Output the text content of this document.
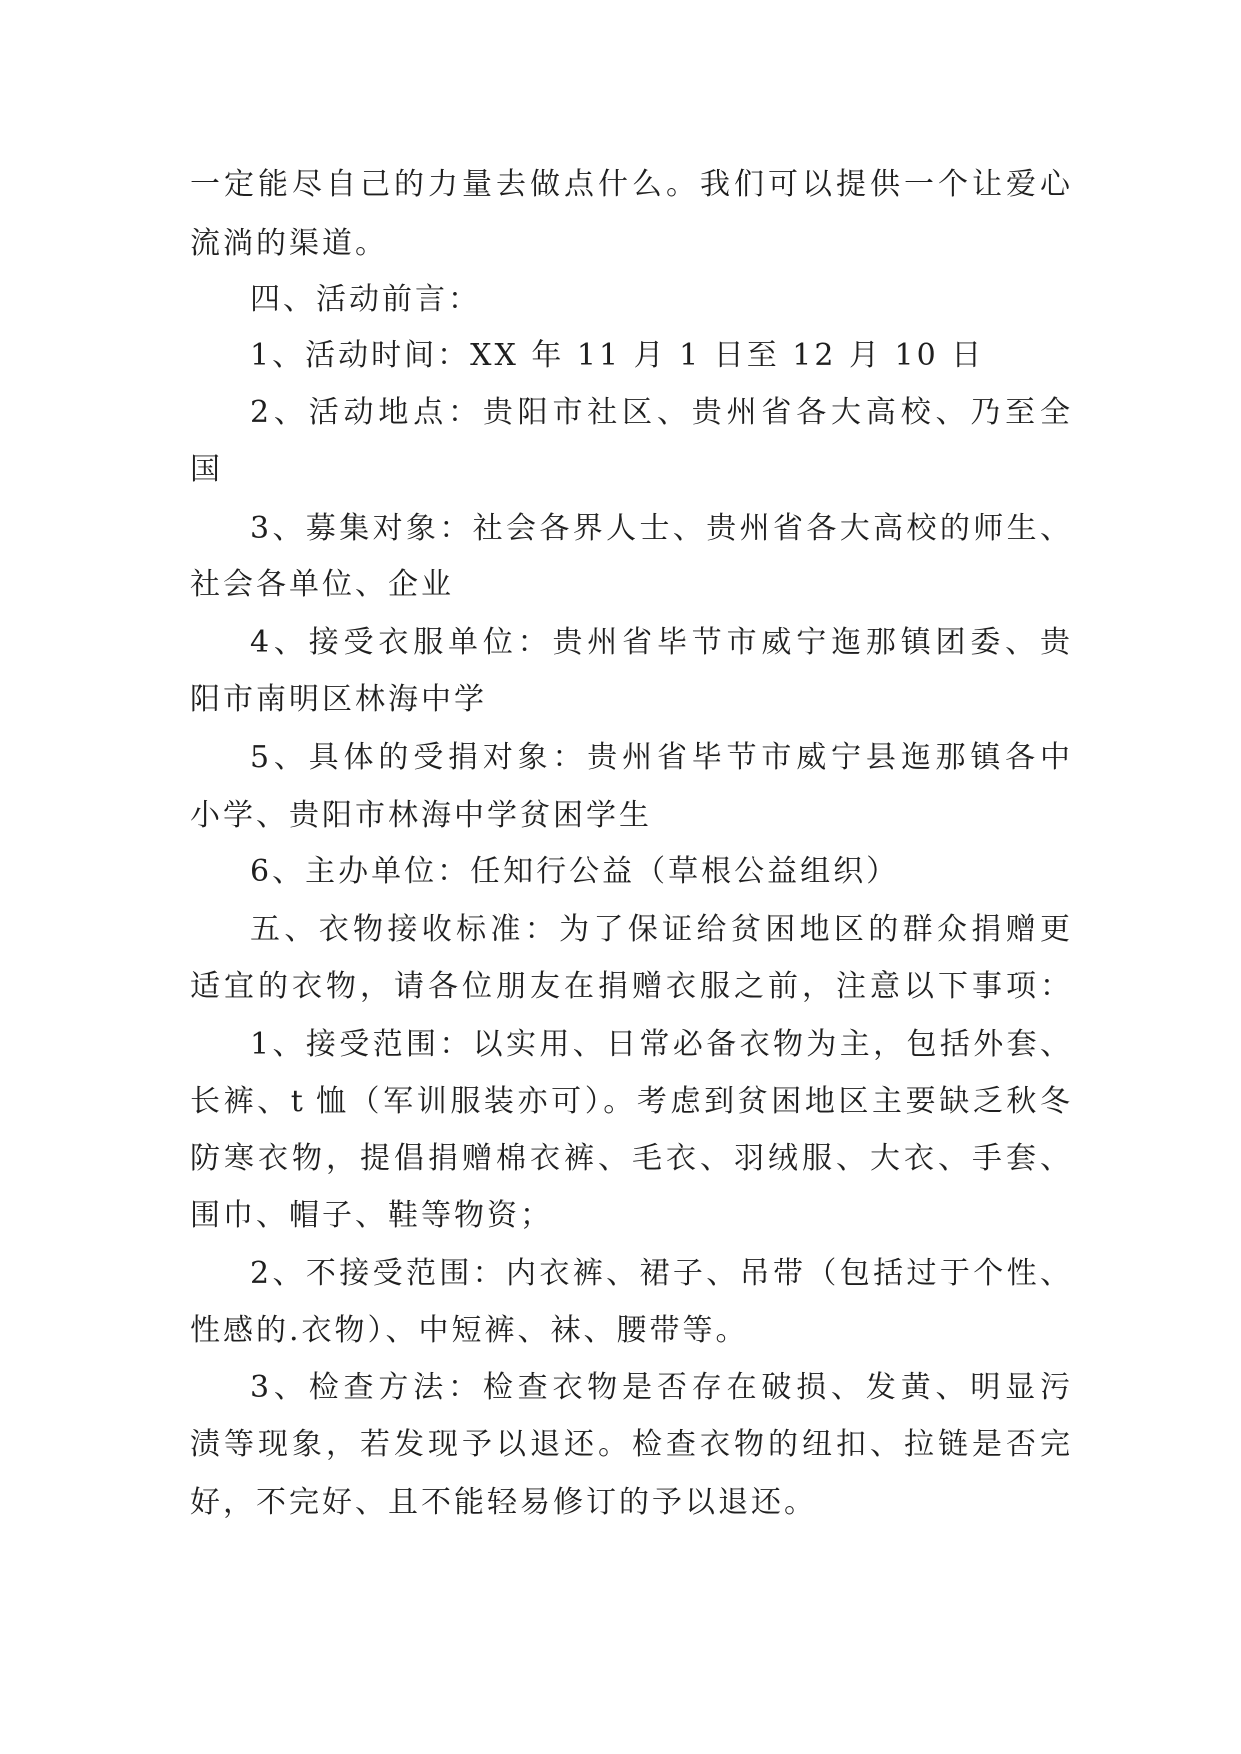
一定能尽自己的力量去做点什么。我们可以提供一个让爱心
流淌的渠道。
四、活动前言：
1、活动时间：XX 年 11 月 1 日至 12 月 10 日
2、活动地点：贵阳市社区、贵州省各大高校、乃至全
国
3、募集对象：社会各界人士、贵州省各大高校的师生、
社会各单位、企业
4、接受衣服单位：贵州省毕节市威宁迤那镇团委、贵
阳市南明区林海中学
5、具体的受捐对象：贵州省毕节市威宁县迤那镇各中
小学、贵阳市林海中学贫困学生
6、主办单位：任知行公益（草根公益组织）
五、衣物接收标准：为了保证给贫困地区的群众捐赠更
适宜的衣物，请各位朋友在捐赠衣服之前，注意以下事项：
1、接受范围：以实用、日常必备衣物为主，包括外套、
长裤、t 恤（军训服装亦可）。考虑到贫困地区主要缺乏秋冬
防寒衣物，提倡捐赠棉衣裤、毛衣、羽绒服、大衣、手套、
围巾、帽子、鞋等物资；
2、不接受范围：内衣裤、裙子、吊带（包括过于个性、
性感的.衣物）、中短裤、袜、腰带等。
3、检查方法：检查衣物是否存在破损、发黄、明显污
渍等现象，若发现予以退还。检查衣物的纽扣、拉链是否完
好，不完好、且不能轻易修订的予以退还。
